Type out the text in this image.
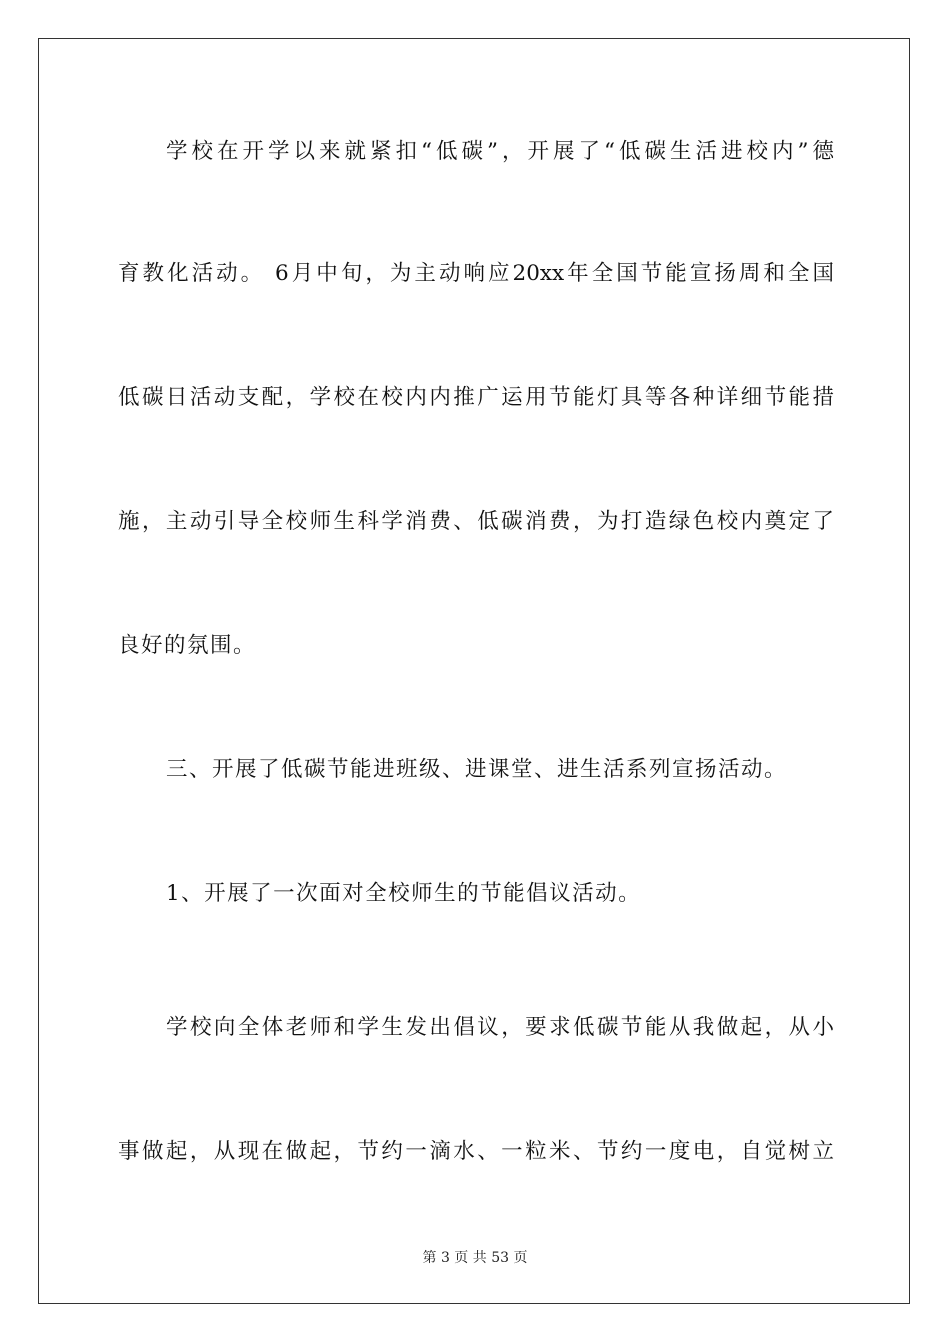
学校在开学以来就紧扣“低碳”，开展了“低碳生活进校内”德
育教化活动。 6月中旬，为主动响应20xx年全国节能宣扬周和全国
低碳日活动支配，学校在校内内推广运用节能灯具等各种详细节能措
施，主动引导全校师生科学消费、低碳消费，为打造绿色校内奠定了
良好的氛围。
三、开展了低碳节能进班级、进课堂、进生活系列宣扬活动。
1、开展了一次面对全校师生的节能倡议活动。
学校向全体老师和学生发出倡议，要求低碳节能从我做起，从小
事做起，从现在做起，节约一滴水、一粒米、节约一度电，自觉树立
第 3 页 共 53 页
